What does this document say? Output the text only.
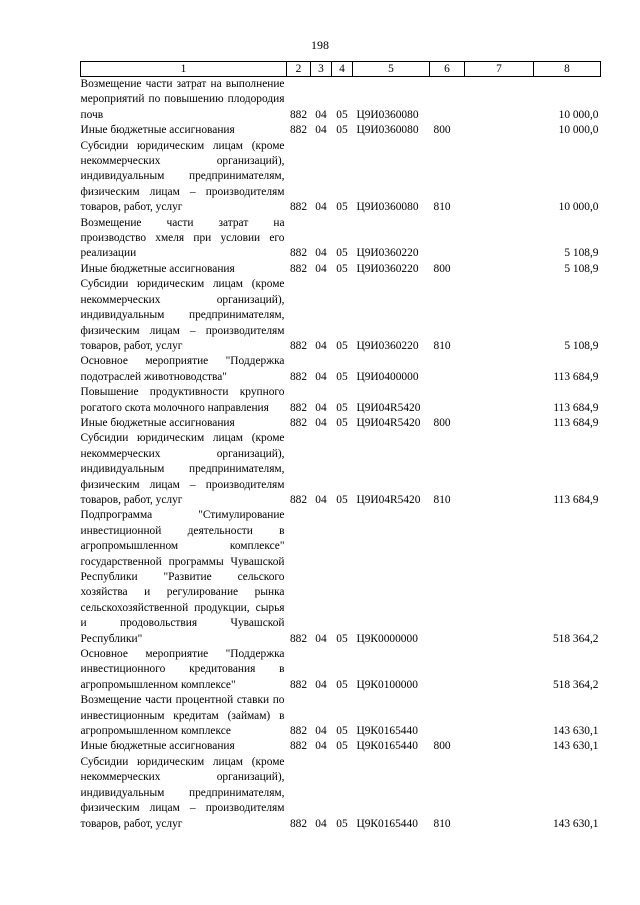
198
1	2	3	4	5	6	7	8
Возмещение части затрат на выполнение мероприятий по повышению плодородия почв	882	04	05	Ц9И0360080			10 000,0
Иные бюджетные ассигнования	882	04	05	Ц9И0360080	800		10 000,0
Субсидии юридическим лицам (кроме некоммерческих организаций), индивидуальным предпринимателям, физическим лицам – производителям товаров, работ, услуг	882	04	05	Ц9И0360080	810		10 000,0
Возмещение части затрат на производство хмеля при условии его реализации	882	04	05	Ц9И0360220			5 108,9
Иные бюджетные ассигнования	882	04	05	Ц9И0360220	800		5 108,9
Субсидии юридическим лицам (кроме некоммерческих организаций), индивидуальным предпринимателям, физическим лицам – производителям товаров, работ, услуг	882	04	05	Ц9И0360220	810		5 108,9
Основное мероприятие "Поддержка подотраслей животноводства"	882	04	05	Ц9И0400000			113 684,9
Повышение продуктивности крупного рогатого скота молочного направления	882	04	05	Ц9И04R5420			113 684,9
Иные бюджетные ассигнования	882	04	05	Ц9И04R5420	800		113 684,9
Субсидии юридическим лицам (кроме некоммерческих организаций), индивидуальным предпринимателям, физическим лицам – производителям товаров, работ, услуг	882	04	05	Ц9И04R5420	810		113 684,9
Подпрограмма "Стимулирование инвестиционной деятельности в агропромышленном комплексе" государственной программы Чувашской Республики "Развитие сельского хозяйства и регулирование рынка сельскохозяйственной продукции, сырья и продовольствия Чувашской Республики"	882	04	05	Ц9К0000000			518 364,2
Основное мероприятие "Поддержка инвестиционного кредитования в агропромышленном комплексе"	882	04	05	Ц9К0100000			518 364,2
Возмещение части процентной ставки по инвестиционным кредитам (займам) в агропромышленном комплексе	882	04	05	Ц9К0165440			143 630,1
Иные бюджетные ассигнования	882	04	05	Ц9К0165440	800		143 630,1
Субсидии юридическим лицам (кроме некоммерческих организаций), индивидуальным предпринимателям, физическим лицам – производителям товаров, работ, услуг	882	04	05	Ц9К0165440	810		143 630,1
